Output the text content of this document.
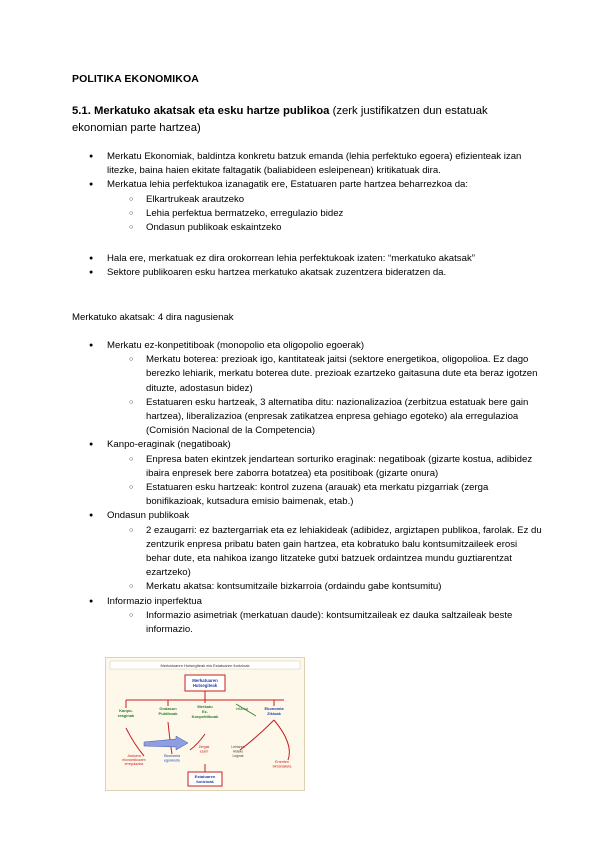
POLITIKA EKONOMIKOA
5.1. Merkatuko akatsak eta esku hartze publikoa (zerk justifikatzen dun estatuak ekonomian parte hartzea)
● Merkatu Ekonomiak, baldintza konkretu batzuk emanda (lehia perfektuko egoera) efizienteak izan litezke, baina haien ekitate faltagatik (baliabideen esleipenean) kritikatuak dira.
● Merkatua lehia perfektukoa izanagatik ere, Estatuaren parte hartzea beharrezkoa da:
○ Elkartrukeak arautzeko
○ Lehia perfektua bermatzeko, erregulazio bidez
○ Ondasun publikoak eskaintzeko
● Hala ere, merkatuak ez dira orokorrean lehia perfektukoak izaten: “merkatuko akatsak”
● Sektore publikoaren esku hartzea merkatuko akatsak zuzentzera bideratzen da.
Merkatuko akatsak: 4 dira nagusienak
● Merkatu ez-konpetitiboak (monopolio eta oligopolio egoerak)
○ Merkatu boterea: prezioak igo, kantitateak jaitsi (sektore energetikoa, oligopolioa. Ez dago berezko lehiarik, merkatu boterea dute. prezioak ezartzeko gaitasuna dute eta beraz igotzen dituzte, adostasun bidez)
○ Estatuaren esku hartzeak, 3 alternatiba ditu: nazionalizazioa (zerbitzua estatuak bere gain hartzea), liberalizazioa (enpresak zatikatzea enpresa gehiago egoteko) ala erregulazioa (Comisión Nacional de la Competencia)
● Kanpo-eraginak (negatiboak)
○ Enpresa baten ekintzek jendartean sorturiko eraginak: negatiboak (gizarte kostua, adibidez ibaira enpresek bere zaborra botatzea) eta positiboak (gizarte onura)
○ Estatuaren esku hartzeak: kontrol zuzena (arauak) eta merkatu pizgarriak (zerga bonifikazioak, kutsadura emisio baimenak, etab.)
● Ondasun publikoak
○ 2 ezaugarri: ez baztergarriak eta ez lehiakideak (adibidez, argiztapen publikoa, farolak. Ez du zentzurik enpresa pribatu baten gain hartzea, eta kobratuko balu kontsumitzaileek erosi behar dute, eta nahikoa izango litzateke gutxi batzuek ordaintzea mundu guztiarentzat ezartzeko)
○ Merkatu akatsa: kontsumitzaile bizkarroia (ordaindu gabe kontsumitu)
● Informazio inperfektua
○ Informazio asimetriak (merkatuan daude): kontsumitzaileak ez dauka saltzaileak beste informazio.
Merkatuaren Hutsegiteak eta Estatuaren funtzioak
Merkatuaren Hutsegiteak
Kanpo-eraginak
Ondasun Publikoak
Merkatu Ez-Konpetitiboak
Inflazioa	Ekonomia Zikloak
Jarduera ekonomikoaren erregulazioa
Ekonomia egonkortu
Zergak ezarri
Lehiaren Aldeko Legeak
Errenten birbanaketa
Estatuaren funtzioak
